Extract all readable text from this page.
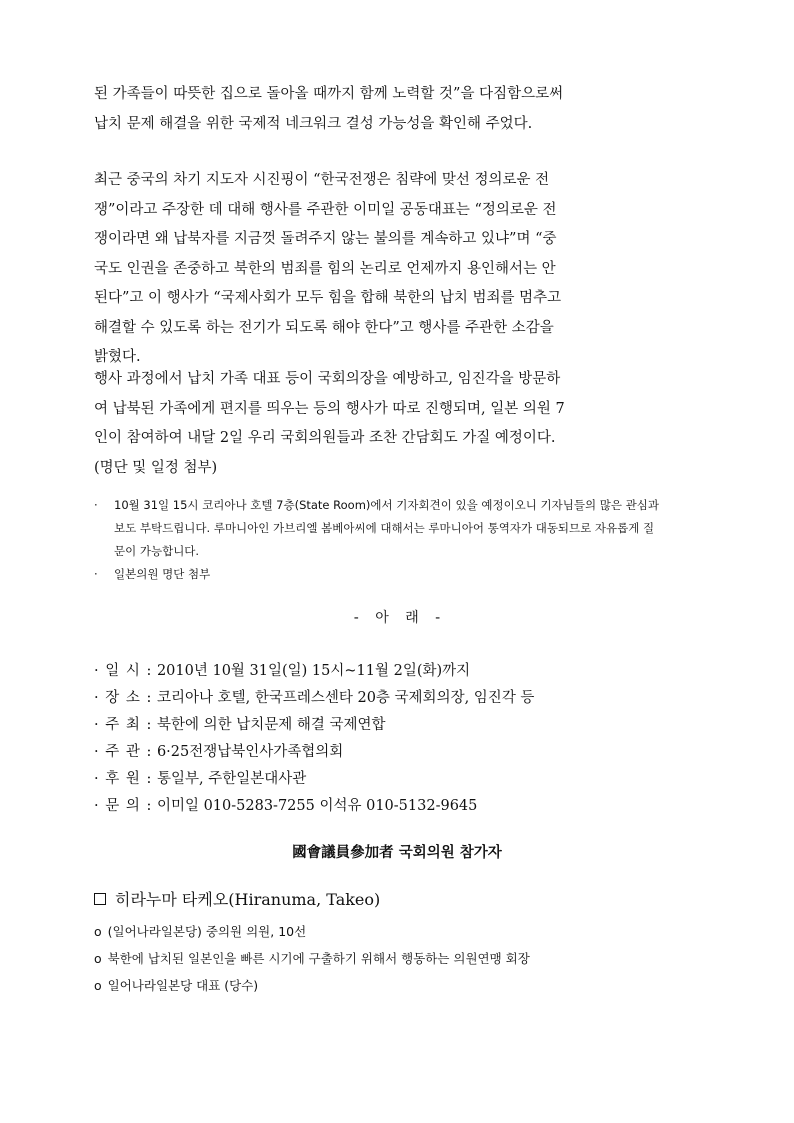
된 가족들이 따뜻한 집으로 돌아올 때까지 함께 노력할 것”을 다짐함으로써

납치 문제 해결을 위한 국제적 네크워크 결성 가능성을 확인해 주었다.

최근 중국의 차기 지도자 시진핑이 “한국전쟁은 침략에 맞선 정의로운 전

쟁”이라고 주장한 데 대해 행사를 주관한 이미일 공동대표는 “정의로운 전

쟁이라면 왜 납북자를 지금껏 돌려주지 않는 불의를 계속하고 있냐”며 “중

국도 인권을 존중하고 북한의 범죄를 힘의 논리로 언제까지 용인해서는 안

된다”고 이 행사가 “국제사회가 모두 힘을 합해 북한의 납치 범죄를 멈추고

해결할 수 있도록 하는 전기가 되도록 해야 한다”고 행사를 주관한 소감을

밝혔다.

행사 과정에서 납치 가족 대표 등이 국회의장을 예방하고, 임진각을 방문하

여 납북된 가족에게 편지를 띄우는 등의 행사가 따로 진행되며, 일본 의원 7

인이 참여하여 내달 2일 우리 국회의원들과 조찬 간담회도 가질 예정이다.

(명단 및 일정 첨부)

· 10월 31일 15시 코리아나 호텔 7층(State Room)에서 기자회견이 있을 예정이오니 기자님들의 많은 관심과 보도 부탁드립니다. 루마니아인 가브리엘 봄베아씨에 대해서는 루마니아어 통역자가 대동되므로 자유롭게 질문이 가능합니다.
· 일본의원 명단 첨부
- 아 래 -
· 일 시 : 2010년 10월 31일(일) 15시~11월 2일(화)까지
· 장 소 : 코리아나 호텔, 한국프레스센타 20층 국제회의장, 임진각 등
· 주 최 : 북한에 의한 납치문제 해결 국제연합
· 주 관 : 6·25전쟁납북인사가족협의회
· 후 원 : 통일부, 주한일본대사관
· 문 의 : 이미일 010-5283-7255 이석유 010-5132-9645
國會議員參加者 국회의원 참가자
히라누마 타케오(Hiranuma, Takeo)
o (일어나라일본당) 중의원 의원, 10선
o 북한에 납치된 일본인을 빠른 시기에 구출하기 위해서 행동하는 의원연맹 회장
o 일어나라일본당 대표 (당수)
